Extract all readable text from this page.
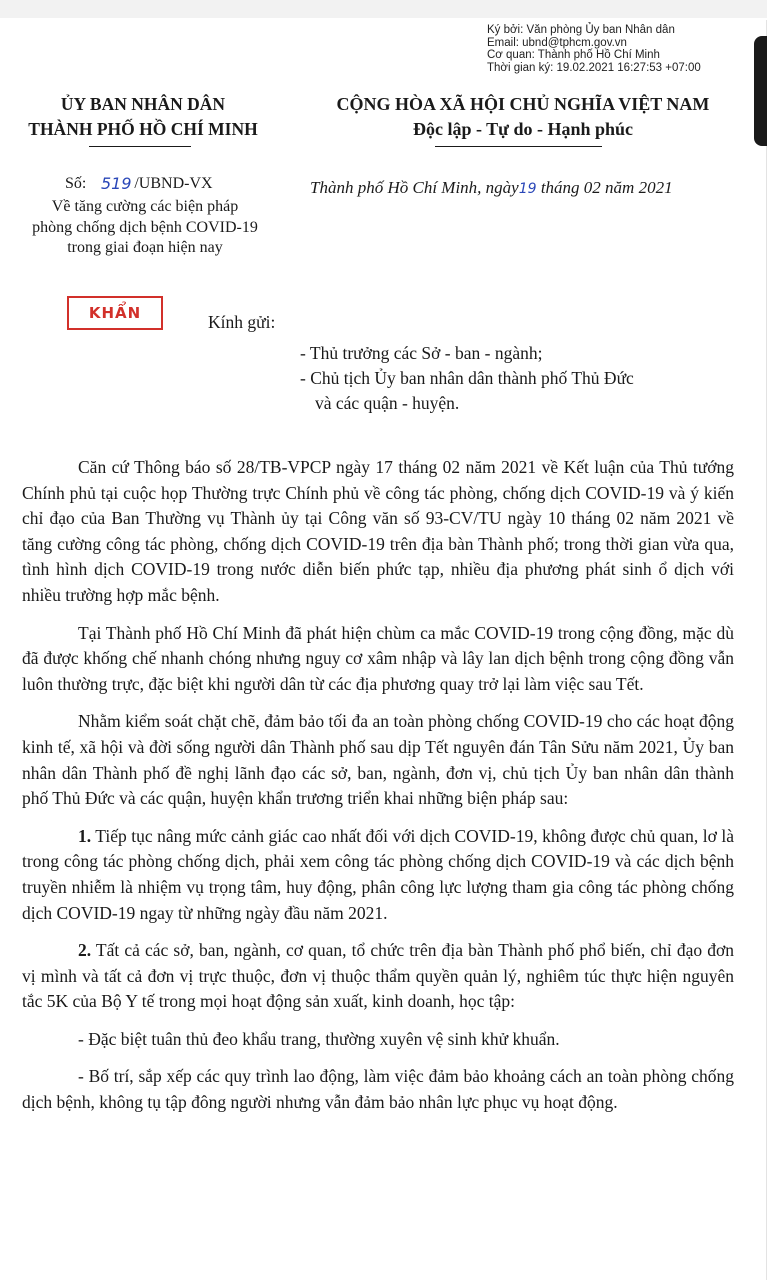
Ký bởi: Văn phòng Ủy ban Nhân dân
Email: ubnd@tphcm.gov.vn
Cơ quan: Thành phố Hồ Chí Minh
Thời gian ký: 19.02.2021 16:27:53 +07:00
ỦY BAN NHÂN DÂN
THÀNH PHỐ HỒ CHÍ MINH
CỘNG HÒA XÃ HỘI CHỦ NGHĨA VIỆT NAM
Độc lập - Tự do - Hạnh phúc
Số:	/UBND-VX
519
Về tăng cường các biện pháp
phòng chống dịch bệnh COVID-19
trong giai đoạn hiện nay
Thành phố Hồ Chí Minh, ngày19 tháng 02 năm 2021
KHẨN	Kính gửi:
- Thủ trưởng các Sở - ban - ngành;
- Chủ tịch Ủy ban nhân dân thành phố Thủ Đức
và các quận - huyện.

Căn cứ Thông báo số 28/TB-VPCP ngày 17 tháng 02 năm 2021 về Kết luận của Thủ tướng Chính phủ tại cuộc họp Thường trực Chính phủ về công tác phòng, chống dịch COVID-19 và ý kiến chỉ đạo của Ban Thường vụ Thành ủy tại Công văn số 93-CV/TU ngày 10 tháng 02 năm 2021 về tăng cường công tác phòng, chống dịch COVID-19 trên địa bàn Thành phố; trong thời gian vừa qua, tình hình dịch COVID-19 trong nước diễn biến phức tạp, nhiều địa phương phát sinh ổ dịch với nhiều trường hợp mắc bệnh.

Tại Thành phố Hồ Chí Minh đã phát hiện chùm ca mắc COVID-19 trong cộng đồng, mặc dù đã được khống chế nhanh chóng nhưng nguy cơ xâm nhập và lây lan dịch bệnh trong cộng đồng vẫn luôn thường trực, đặc biệt khi người dân từ các địa phương quay trở lại làm việc sau Tết.

Nhằm kiểm soát chặt chẽ, đảm bảo tối đa an toàn phòng chống COVID-19 cho các hoạt động kinh tế, xã hội và đời sống người dân Thành phố sau dịp Tết nguyên đán Tân Sửu năm 2021, Ủy ban nhân dân Thành phố đề nghị lãnh đạo các sở, ban, ngành, đơn vị, chủ tịch Ủy ban nhân dân thành phố Thủ Đức và các quận, huyện khẩn trương triển khai những biện pháp sau:

1. Tiếp tục nâng mức cảnh giác cao nhất đối với dịch COVID-19, không được chủ quan, lơ là trong công tác phòng chống dịch, phải xem công tác phòng chống dịch COVID-19 và các dịch bệnh truyền nhiễm là nhiệm vụ trọng tâm, huy động, phân công lực lượng tham gia công tác phòng chống dịch COVID-19 ngay từ những ngày đầu năm 2021.

2. Tất cả các sở, ban, ngành, cơ quan, tổ chức trên địa bàn Thành phố phổ biến, chỉ đạo đơn vị mình và tất cả đơn vị trực thuộc, đơn vị thuộc thẩm quyền quản lý, nghiêm túc thực hiện nguyên tắc 5K của Bộ Y tế trong mọi hoạt động sản xuất, kinh doanh, học tập:

- Đặc biệt tuân thủ đeo khẩu trang, thường xuyên vệ sinh khử khuẩn.

- Bố trí, sắp xếp các quy trình lao động, làm việc đảm bảo khoảng cách an toàn phòng chống dịch bệnh, không tụ tập đông người nhưng vẫn đảm bảo nhân lực phục vụ hoạt động.
